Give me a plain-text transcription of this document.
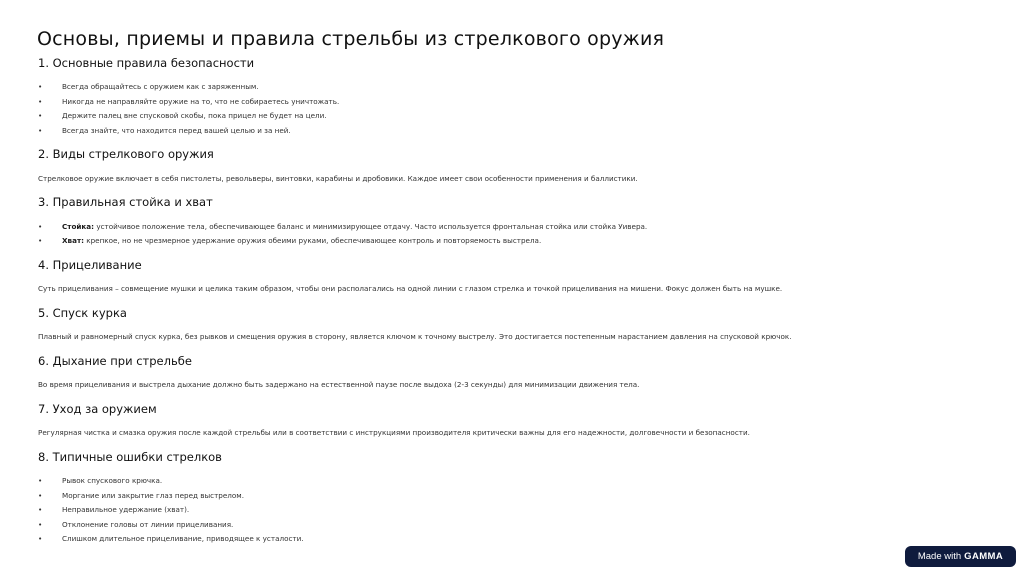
Основы, приемы и правила стрельбы из стрелкового оружия
1. Основные правила безопасности
•	Всегда обращайтесь с оружием как с заряженным.
•	Никогда не направляйте оружие на то, что не собираетесь уничтожать.
•	Держите палец вне спусковой скобы, пока прицел не будет на цели.
•	Всегда знайте, что находится перед вашей целью и за ней.
2. Виды стрелкового оружия

Стрелковое оружие включает в себя пистолеты, револьверы, винтовки, карабины и дробовики. Каждое имеет свои особенности применения и баллистики.

3. Правильная стойка и хват
•	Стойка: устойчивое положение тела, обеспечивающее баланс и минимизирующее отдачу. Часто используется фронтальная стойка или стойка Уивера.
•	Хват: крепкое, но не чрезмерное удержание оружия обеими руками, обеспечивающее контроль и повторяемость выстрела.
4. Прицеливание

Суть прицеливания – совмещение мушки и целика таким образом, чтобы они располагались на одной линии с глазом стрелка и точкой прицеливания на мишени. Фокус должен быть на мушке.

5. Спуск курка

Плавный и равномерный спуск курка, без рывков и смещения оружия в сторону, является ключом к точному выстрелу. Это достигается постепенным нарастанием давления на спусковой крючок.

6. Дыхание при стрельбе

Во время прицеливания и выстрела дыхание должно быть задержано на естественной паузе после выдоха (2-3 секунды) для минимизации движения тела.

7. Уход за оружием

Регулярная чистка и смазка оружия после каждой стрельбы или в соответствии с инструкциями производителя критически важны для его надежности, долговечности и безопасности.

8. Типичные ошибки стрелков
•	Рывок спускового крючка.
•	Моргание или закрытие глаз перед выстрелом.
•	Неправильное удержание (хват).
•	Отклонение головы от линии прицеливания.
•	Слишком длительное прицеливание, приводящее к усталости.
Made with GAMMA
